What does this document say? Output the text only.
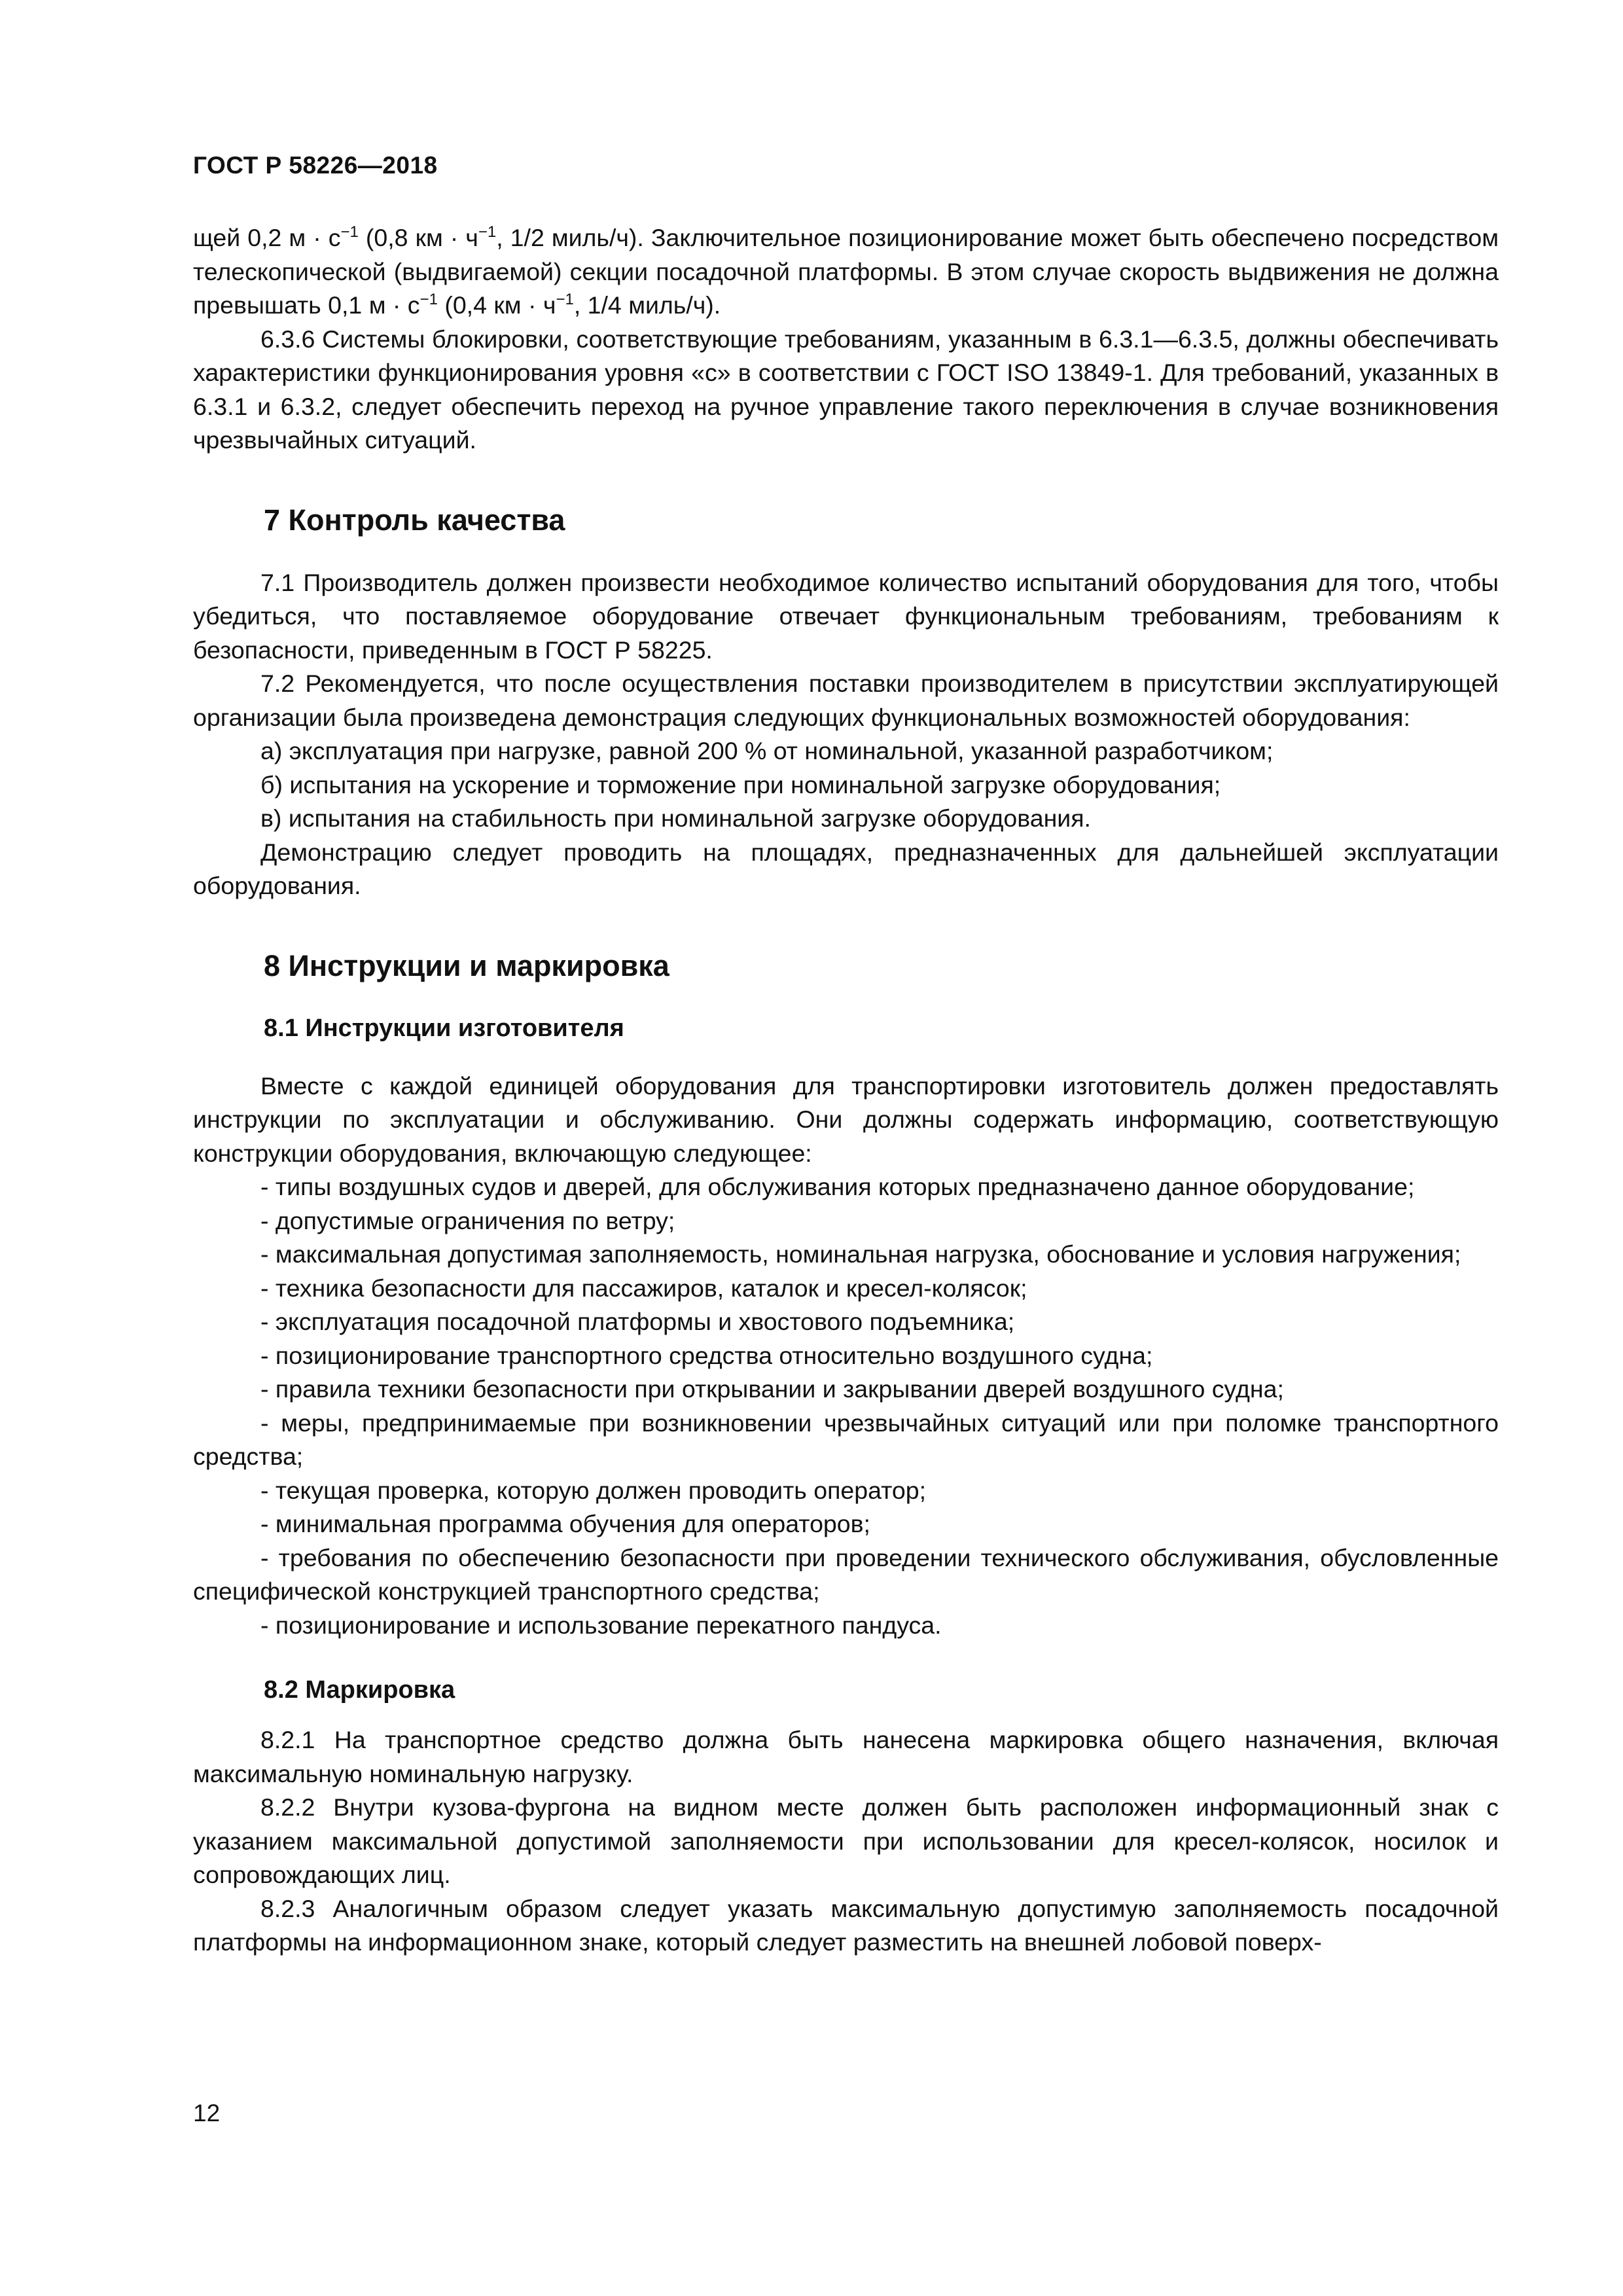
ГОСТ Р 58226—2018

щей 0,2 $м \cdot с^{-1}$ (0,8 км · $ч^{-1}$, 1/2 миль/ч). Заключительное позиционирование может быть обеспечено посредством телескопической (выдвигаемой) секции посадочной платформы. В этом случае скорость выдвижения не должна превышать 0,1 $м \cdot с^{-1}$ (0,4 км · $ч^{-1}$, 1/4 миль/ч).

6.3.6 Системы блокировки, соответствующие требованиям, указанным в 6.3.1—6.3.5, должны обеспечивать характеристики функционирования уровня «с» в соответствии с ГОСТ ISO 13849-1. Для требований, указанных в 6.3.1 и 6.3.2, следует обеспечить переход на ручное управление такого переключения в случае возникновения чрезвычайных ситуаций.

7 Контроль качества

7.1 Производитель должен произвести необходимое количество испытаний оборудования для того, чтобы убедиться, что поставляемое оборудование отвечает функциональным требованиям, требованиям к безопасности, приведенным в ГОСТ Р 58225.

7.2 Рекомендуется, что после осуществления поставки производителем в присутствии эксплуатирующей организации была произведена демонстрация следующих функциональных возможностей оборудования:

а) эксплуатация при нагрузке, равной 200 % от номинальной, указанной разработчиком;

б) испытания на ускорение и торможение при номинальной загрузке оборудования;

в) испытания на стабильность при номинальной загрузке оборудования.

Демонстрацию следует проводить на площадях, предназначенных для дальнейшей эксплуатации оборудования.

8 Инструкции и маркировка
8.1 Инструкции изготовителя

Вместе с каждой единицей оборудования для транспортировки изготовитель должен предоставлять инструкции по эксплуатации и обслуживанию. Они должны содержать информацию, соответствующую конструкции оборудования, включающую следующее:

- типы воздушных судов и дверей, для обслуживания которых предназначено данное оборудование;

- допустимые ограничения по ветру;

- максимальная допустимая заполняемость, номинальная нагрузка, обоснование и условия нагружения;

- техника безопасности для пассажиров, каталок и кресел-колясок;

- эксплуатация посадочной платформы и хвостового подъемника;

- позиционирование транспортного средства относительно воздушного судна;

- правила техники безопасности при открывании и закрывании дверей воздушного судна;

- меры, предпринимаемые при возникновении чрезвычайных ситуаций или при поломке транспортного средства;

- текущая проверка, которую должен проводить оператор;

- минимальная программа обучения для операторов;

- требования по обеспечению безопасности при проведении технического обслуживания, обусловленные специфической конструкцией транспортного средства;

- позиционирование и использование перекатного пандуса.

8.2 Маркировка

8.2.1 На транспортное средство должна быть нанесена маркировка общего назначения, включая максимальную номинальную нагрузку.

8.2.2 Внутри кузова-фургона на видном месте должен быть расположен информационный знак с указанием максимальной допустимой заполняемости при использовании для кресел-колясок, носилок и сопровождающих лиц.

8.2.3 Аналогичным образом следует указать максимальную допустимую заполняемость посадочной платформы на информационном знаке, который следует разместить на внешней лобовой поверх-

12
